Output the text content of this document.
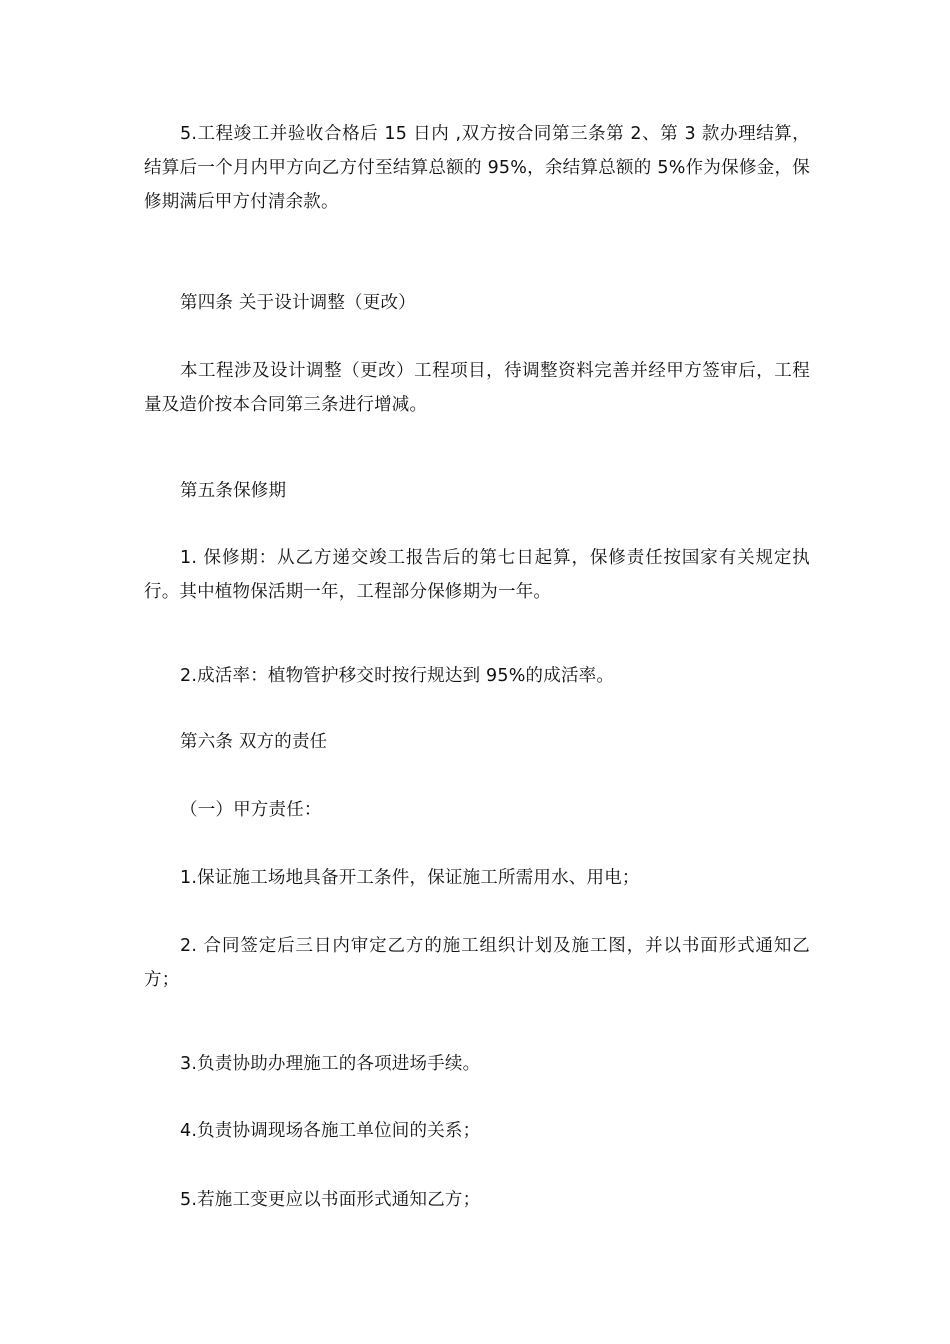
5.工程竣工并验收合格后 15 日内 ,双方按合同第三条第 2、第 3 款办理结算，结算后一个月内甲方向乙方付至结算总额的 95%，余结算总额的 5%作为保修金，保修期满后甲方付清余款。

第四条 关于设计调整（更改）

本工程涉及设计调整（更改）工程项目，待调整资料完善并经甲方签审后，工程量及造价按本合同第三条进行增减。

第五条保修期

1. 保修期：从乙方递交竣工报告后的第七日起算，保修责任按国家有关规定执行。其中植物保活期一年，工程部分保修期为一年。

2.成活率：植物管护移交时按行规达到 95%的成活率。

第六条 双方的责任

（一）甲方责任：

1.保证施工场地具备开工条件，保证施工所需用水、用电；

2. 合同签定后三日内审定乙方的施工组织计划及施工图，并以书面形式通知乙方；

3.负责协助办理施工的各项进场手续。

4.负责协调现场各施工单位间的关系；

5.若施工变更应以书面形式通知乙方；
